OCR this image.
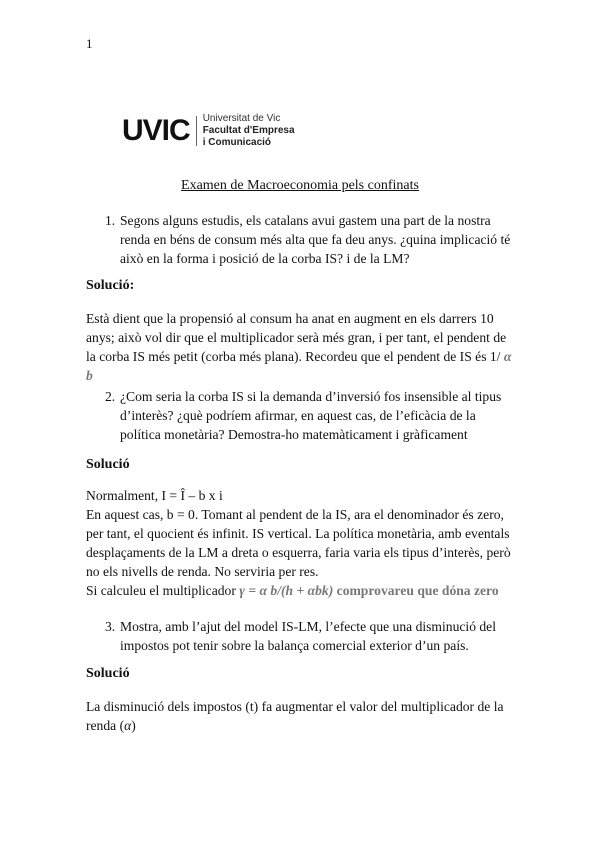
1
UVIC Universitat de Vic
Facultat d'Empresa
i Comunicació
Examen de Macroeconomia pels confinats
1. Segons alguns estudis, els catalans avui gastem una part de la nostra renda en béns de consum més alta que fa deu anys. ¿quina implicació té això en la forma i posició de la corba IS? i de la LM?
Solució:
Està dient que la propensió al consum ha anat en augment en els darrers 10 anys; això vol dir que el multiplicador serà més gran, i per tant, el pendent de la corba IS més petit (corba més plana). Recordeu que el pendent de IS és 1/ α b
2. ¿Com seria la corba IS si la demanda d’inversió fos insensible al tipus d’interès? ¿què podríem afirmar, en aquest cas, de l’eficàcia de la política monetària? Demostra-ho matemàticament i gràficament
Solució
Normalment, I = Î – b x i
En aquest cas, b = 0. Tomant al pendent de la IS, ara el denominador és zero, per tant, el quocient és infinit. IS vertical. La política monetària, amb eventals desplaçaments de la LM a dreta o esquerra, faria varia els tipus d’interès, però no els nivells de renda. No serviria per res.
Si calculeu el multiplicador γ = α b/(h + αbk) comprovareu que dóna zero
3. Mostra, amb l’ajut del model IS-LM, l’efecte que una disminució del impostos pot tenir sobre la balança comercial exterior d’un país.
Solució
La disminució dels impostos (t) fa augmentar el valor del multiplicador de la renda (α)
